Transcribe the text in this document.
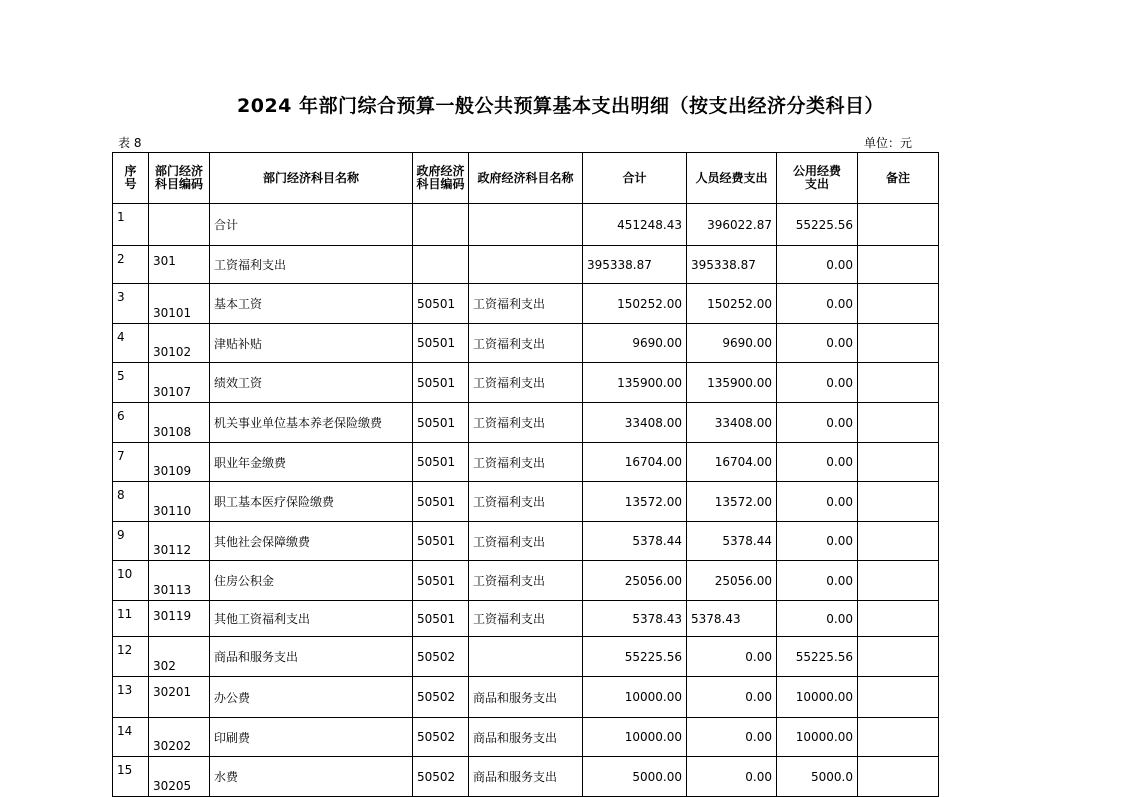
2024 年部门综合预算一般公共预算基本支出明细（按支出经济分类科目）
表 8	单位：元
序号	部门经济科目编码	部门经济科目名称	政府经济科目编码	政府经济科目名称	合计	人员经费支出	公用经费支出	备注
1		合计			451248.43	396022.87	55225.56	
2	301	工资福利支出			395338.87	395338.87	0.00	
3	30101	基本工资	50501	工资福利支出	150252.00	150252.00	0.00	
4	30102	津贴补贴	50501	工资福利支出	9690.00	9690.00	0.00	
5	30107	绩效工资	50501	工资福利支出	135900.00	135900.00	0.00	
6	30108	机关事业单位基本养老保险缴费	50501	工资福利支出	33408.00	33408.00	0.00	
7	30109	职业年金缴费	50501	工资福利支出	16704.00	16704.00	0.00	
8	30110	职工基本医疗保险缴费	50501	工资福利支出	13572.00	13572.00	0.00	
9	30112	其他社会保障缴费	50501	工资福利支出	5378.44	5378.44	0.00	
10	30113	住房公积金	50501	工资福利支出	25056.00	25056.00	0.00	
11	30119	其他工资福利支出	50501	工资福利支出	5378.43	5378.43	0.00	
12	302	商品和服务支出	50502		55225.56	0.00	55225.56	
13	30201	办公费	50502	商品和服务支出	10000.00	0.00	10000.00	
14	30202	印刷费	50502	商品和服务支出	10000.00	0.00	10000.00	
15	30205	水费	50502	商品和服务支出	5000.00	0.00	5000.0	
